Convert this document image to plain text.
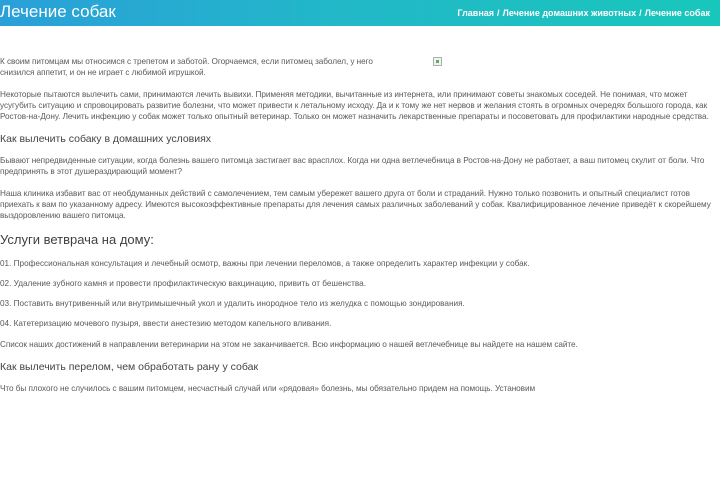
Лечение собак	Главная / Лечение домашних животных / Лечение собак

К своим питомцам мы относимся с трепетом и заботой. Огорчаемся, если питомец заболел, у него снизился аппетит, и он не играет с любимой игрушкой.

Некоторые пытаются вылечить сами, принимаются лечить вывихи. Применяя методики, вычитанные из интернета, или принимают советы знакомых соседей. Не понимая, что может усугубить ситуацию и спровоцировать развитие болезни, что может привести к летальному исходу. Да и к тому же нет нервов и желания стоять в огромных очередях большого города, как Ростов-на-Дону. Лечить инфекцию у собак может только опытный ветеринар. Только он может назначить лекарственные препараты и посоветовать для профилактики народные средства.

Как вылечить собаку в домашних условиях

Бывают непредвиденные ситуации, когда болезнь вашего питомца застигает вас врасплох. Когда ни одна ветлечебница в Ростов-на-Дону не работает, а ваш питомец скулит от боли. Что предпринять в этот душераздирающий момент?

Наша клиника избавит вас от необдуманных действий с самолечением, тем самым убережет вашего друга от боли и страданий. Нужно только позвонить и опытный специалист готов приехать к вам по указанному адресу. Имеются высокоэффективные препараты для лечения самых различных заболеваний у собак. Квалифицированное лечение приведёт к скорейшему выздоровлению вашего питомца.

Услуги ветврача на дому:
01. Профессиональная консультация и лечебный осмотр, важны при лечении переломов, а также определить характер инфекции у собак.
02. Удаление зубного камня и провести профилактическую вакцинацию, привить от бешенства.
03. Поставить внутривенный или внутримышечный укол и удалить инородное тело из желудка с помощью зондирования.
04. Катетеризацию мочевого пузыря, ввести анестезию методом капельного вливания.

Список наших достижений в направлении ветеринарии на этом не заканчивается. Всю информацию о нашей ветлечебнице вы найдете на нашем сайте.

Как вылечить перелом, чем обработать рану у собак

Что бы плохого не случилось с вашим питомцем, несчастный случай или «рядовая» болезнь, мы обязательно придем на помощь. Установим
